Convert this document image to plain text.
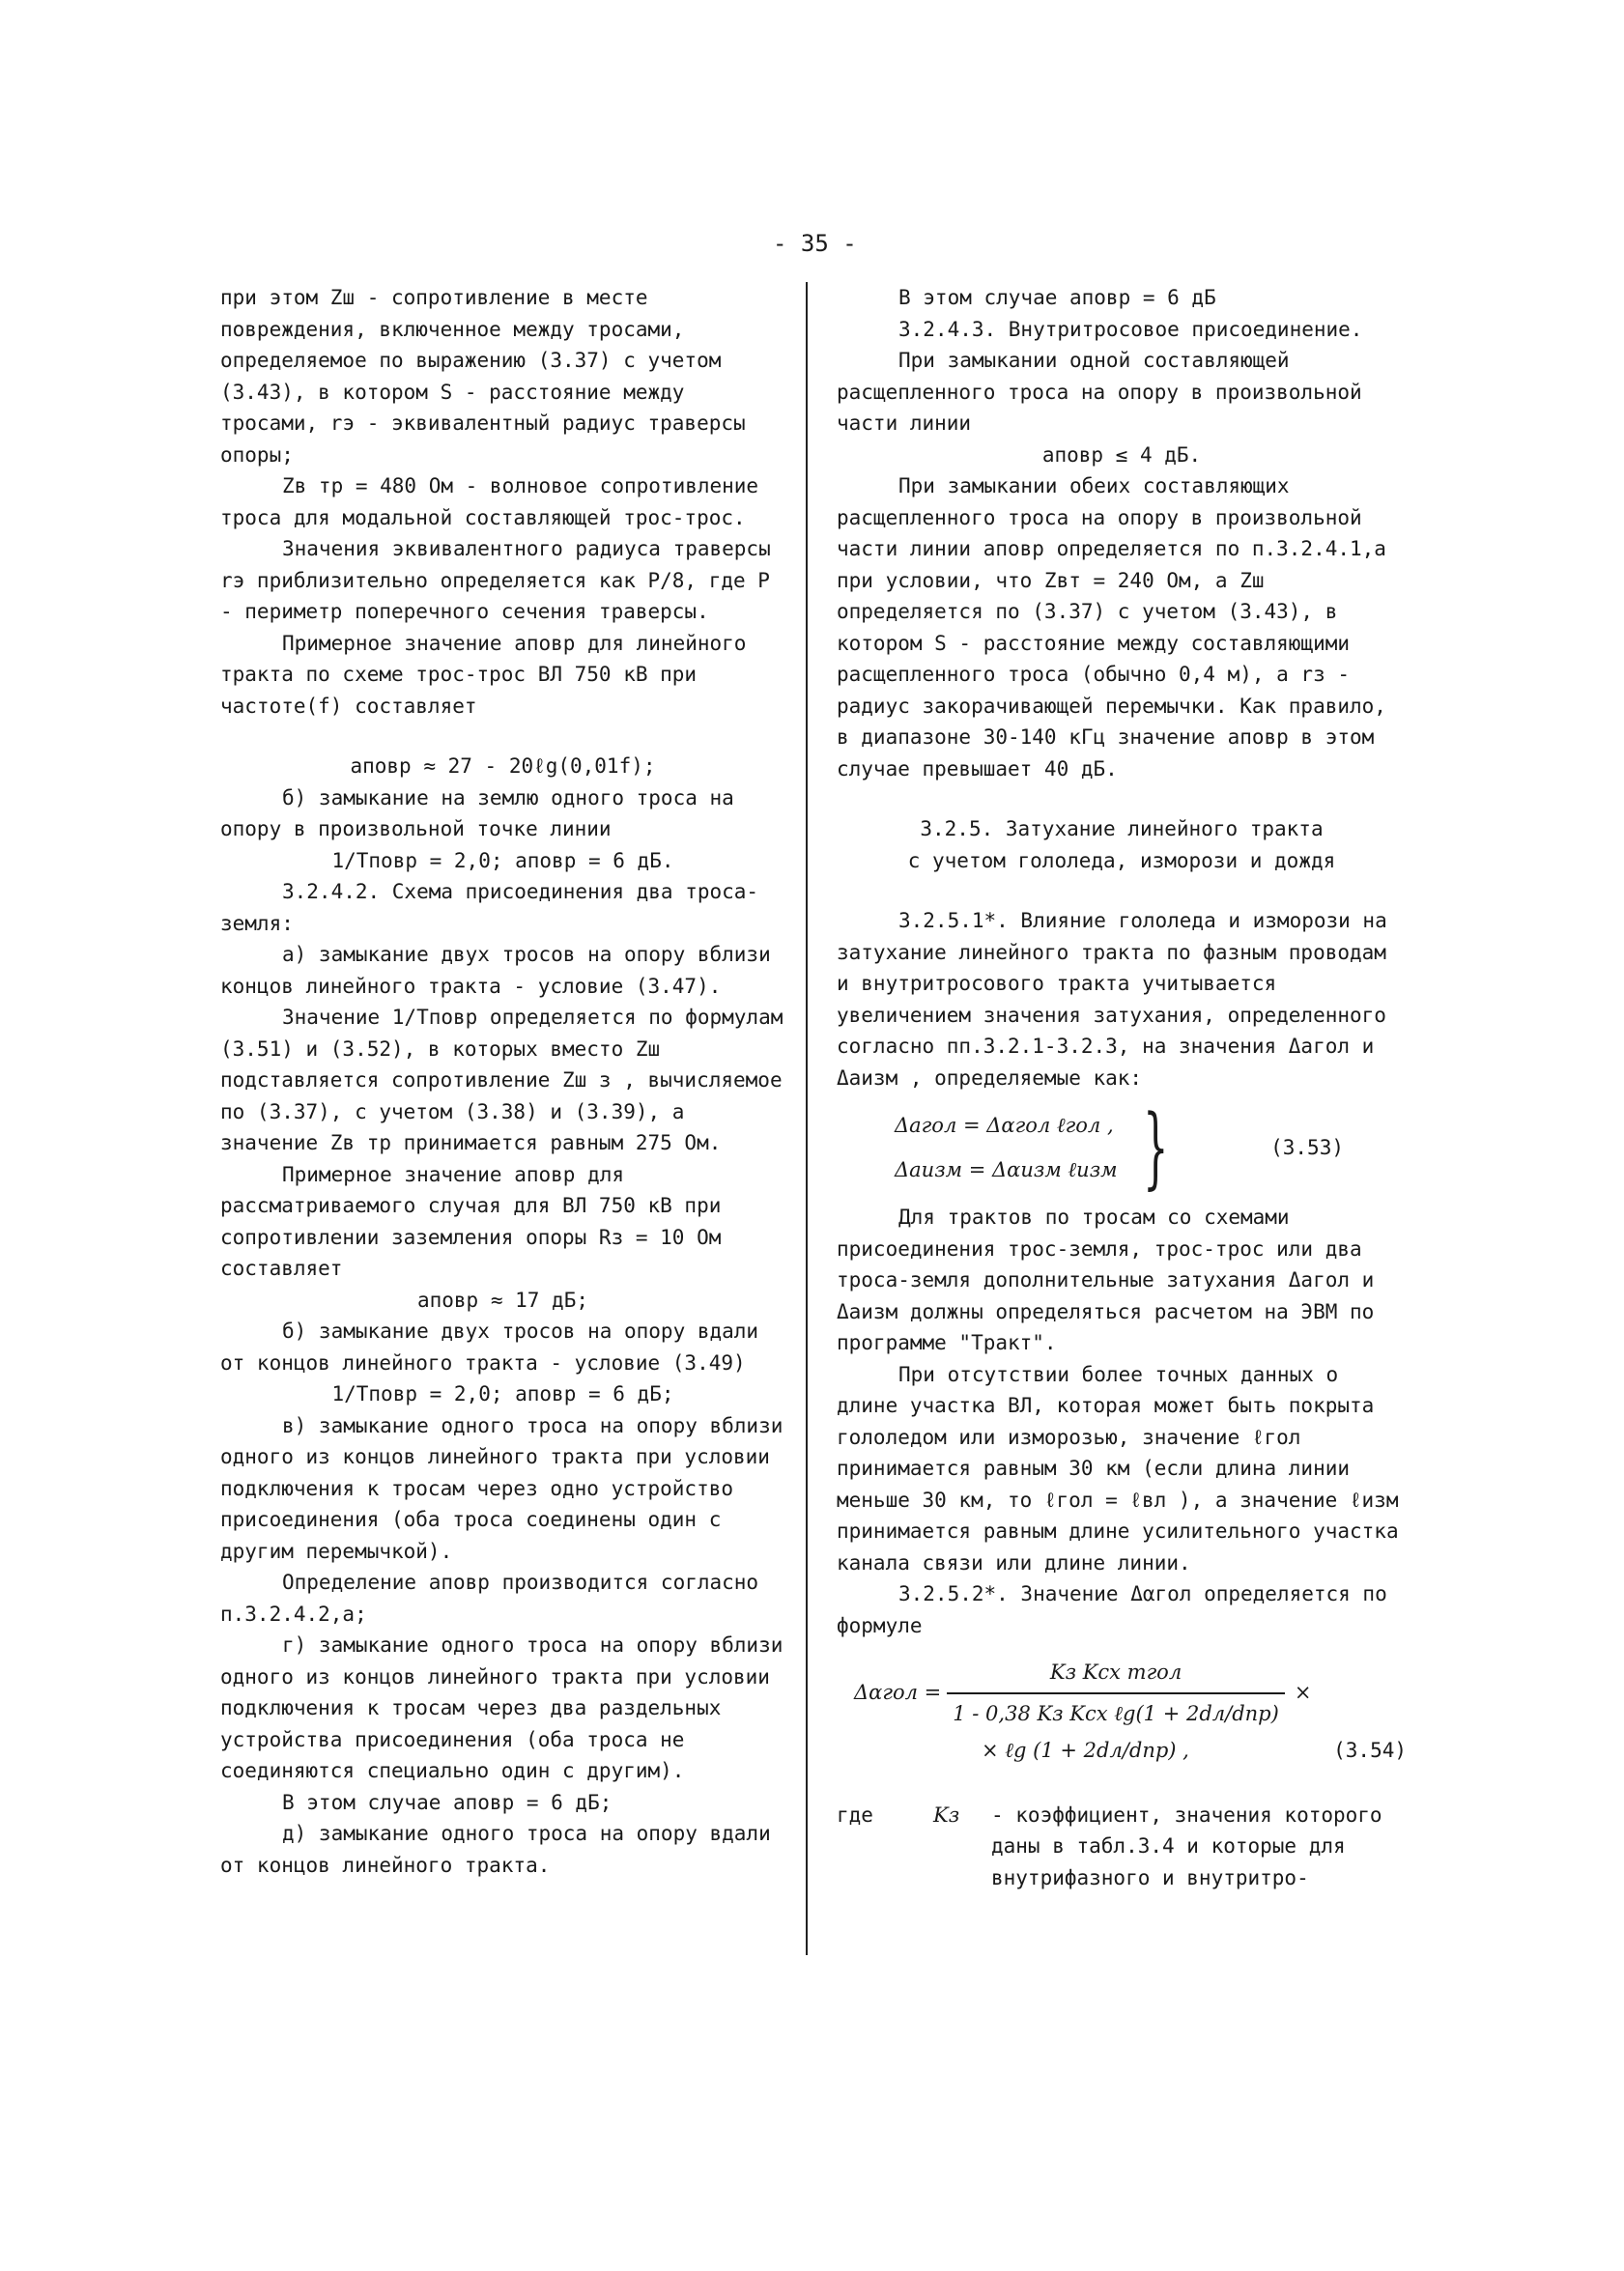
- 35 -

при этом Zш - сопротивление в месте повреждения, включенное между тросами, определяемое по выражению (3.37) с учетом (3.43), в котором S - расстояние между тросами, rэ - эквивалентный радиус траверсы опоры;

Zв тр = 480 Ом - волновое сопротивление троса для модальной составляющей трос-трос.

Значения эквивалентного радиуса траверсы rэ приблизительно определяется как P/8, где P - периметр поперечного сечения траверсы.

Примерное значение aповр для линейного тракта по схеме трос-трос ВЛ 750 кВ при частоте(f) составляет

aповр ≈ 27 - 20ℓg(0,01f);

б) замыкание на землю одного троса на опору в произвольной точке линии

1/Tповр = 2,0; aповр = 6 дБ.

3.2.4.2. Схема присоединения два троса-земля:

а) замыкание двух тросов на опору вблизи концов линейного тракта - условие (3.47).

Значение 1/Tповр определяется по формулам (3.51) и (3.52), в которых вместо Zш подставляется сопротивление Zш з , вычисляемое по (3.37), с учетом (3.38) и (3.39), а значение Zв тр принимается равным 275 Ом.

Примерное значение aповр для рассматриваемого случая для ВЛ 750 кВ при сопротивлении заземления опоры Rз = 10 Ом составляет

aповр ≈ 17 дБ;

б) замыкание двух тросов на опору вдали от концов линейного тракта - условие (3.49)

1/Tповр = 2,0; aповр = 6 дБ;

в) замыкание одного троса на опору вблизи одного из концов линейного тракта при условии подключения к тросам через одно устройство присоединения (оба троса соединены один с другим перемычкой).

Определение aповр производится согласно п.3.2.4.2,а;

г) замыкание одного троса на опору вблизи одного из концов линейного тракта при условии подключения к тросам через два раздельных устройства присоединения (оба троса не соединяются специально один с другим).

В этом случае aповр = 6 дБ;

д) замыкание одного троса на опору вдали от концов линейного тракта.

В этом случае aповр = 6 дБ

3.2.4.3. Внутритросовое присоединение.

При замыкании одной составляющей расщепленного троса на опору в произвольной части линии

aповр ≤ 4 дБ.

При замыкании обеих составляющих расщепленного троса на опору в произвольной части линии aповр определяется по п.3.2.4.1,а при условии, что Zвт = 240 Ом, а Zш определяется по (3.37) с учетом (3.43), в котором S - расстояние между составляющими расщепленного троса (обычно 0,4 м), а rз - радиус закорачивающей перемычки. Как правило, в диапазоне 30-140 кГц значение aповр в этом случае превышает 40 дБ.

3.2.5. Затухание линейного тракта

с учетом гололеда, изморози и дождя

3.2.5.1*. Влияние гололеда и изморози на затухание линейного тракта по фазным проводам и внутритросового тракта учитывается увеличением значения затухания, определенного согласно пп.3.2.1-3.2.3, на значения Δaгол и Δaизм , определяемые как:

Δaгол = Δαгол ℓгол ,
Δaизм = Δαизм ℓизм }	(3.53)

Для трактов по тросам со схемами присоединения трос-земля, трос-трос или два троса-земля дополнительные затухания Δaгол и Δaизм должны определяться расчетом на ЭВМ по программе "Тракт".

При отсутствии более точных данных о длине участка ВЛ, которая может быть покрыта гололедом или изморозью, значение ℓгол принимается равным 30 км (если длина линии меньше 30 км, то ℓгол = ℓвл ), а значение ℓизм принимается равным длине усилительного участка канала связи или длине линии.

3.2.5.2*. Значение Δαгол определяется по формуле

$\Delta\alpha гол = \frac{\text{Kз Kсх mгол}}{\text{1 - 0,38 Kз Kсх ℓg(1 + 2dл/dпр)}}$ ×
× ℓg (1 + 2dл/dпр) ,	(3.54)
где	Kз	- коэффициент, значения которого даны в табл.3.4 и которые для внутрифазного и внутритро-
